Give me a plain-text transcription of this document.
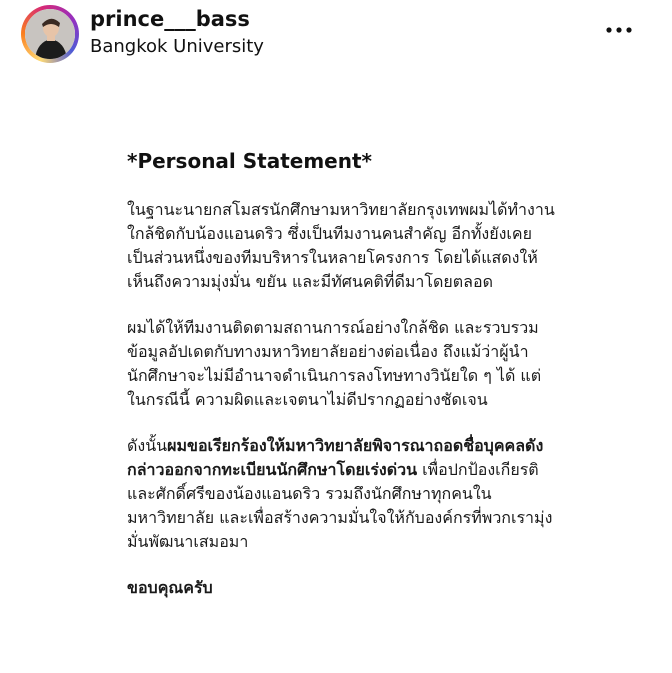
prince___bass
Bangkok University
*Personal Statement*

ในฐานะนายกสโมสรนักศึกษามหาวิทยาลัยกรุงเทพผมได้ทำงานใกล้ชิดกับน้องแอนดริว ซึ่งเป็นทีมงานคนสำคัญ อีกทั้งยังเคยเป็นส่วนหนึ่งของทีมบริหารในหลายโครงการ โดยได้แสดงให้เห็นถึงความมุ่งมั่น ขยัน และมีทัศนคติที่ดีมาโดยตลอด

ผมได้ให้ทีมงานติดตามสถานการณ์อย่างใกล้ชิด และรวบรวมข้อมูลอัปเดตกับทางมหาวิทยาลัยอย่างต่อเนื่อง ถึงแม้ว่าผู้นำนักศึกษาจะไม่มีอำนาจดำเนินการลงโทษทางวินัยใด ๆ ได้ แต่ในกรณีนี้ ความผิดและเจตนาไม่ดีปรากฏอย่างชัดเจน

ดังนั้นผมขอเรียกร้องให้มหาวิทยาลัยพิจารณาถอดชื่อบุคคลดังกล่าวออกจากทะเบียนนักศึกษาโดยเร่งด่วน เพื่อปกป้องเกียรติและศักดิ์ศรีของน้องแอนดริว รวมถึงนักศึกษาทุกคนในมหาวิทยาลัย และเพื่อสร้างความมั่นใจให้กับองค์กรที่พวกเรามุ่งมั่นพัฒนาเสมอมา

ขอบคุณครับ
